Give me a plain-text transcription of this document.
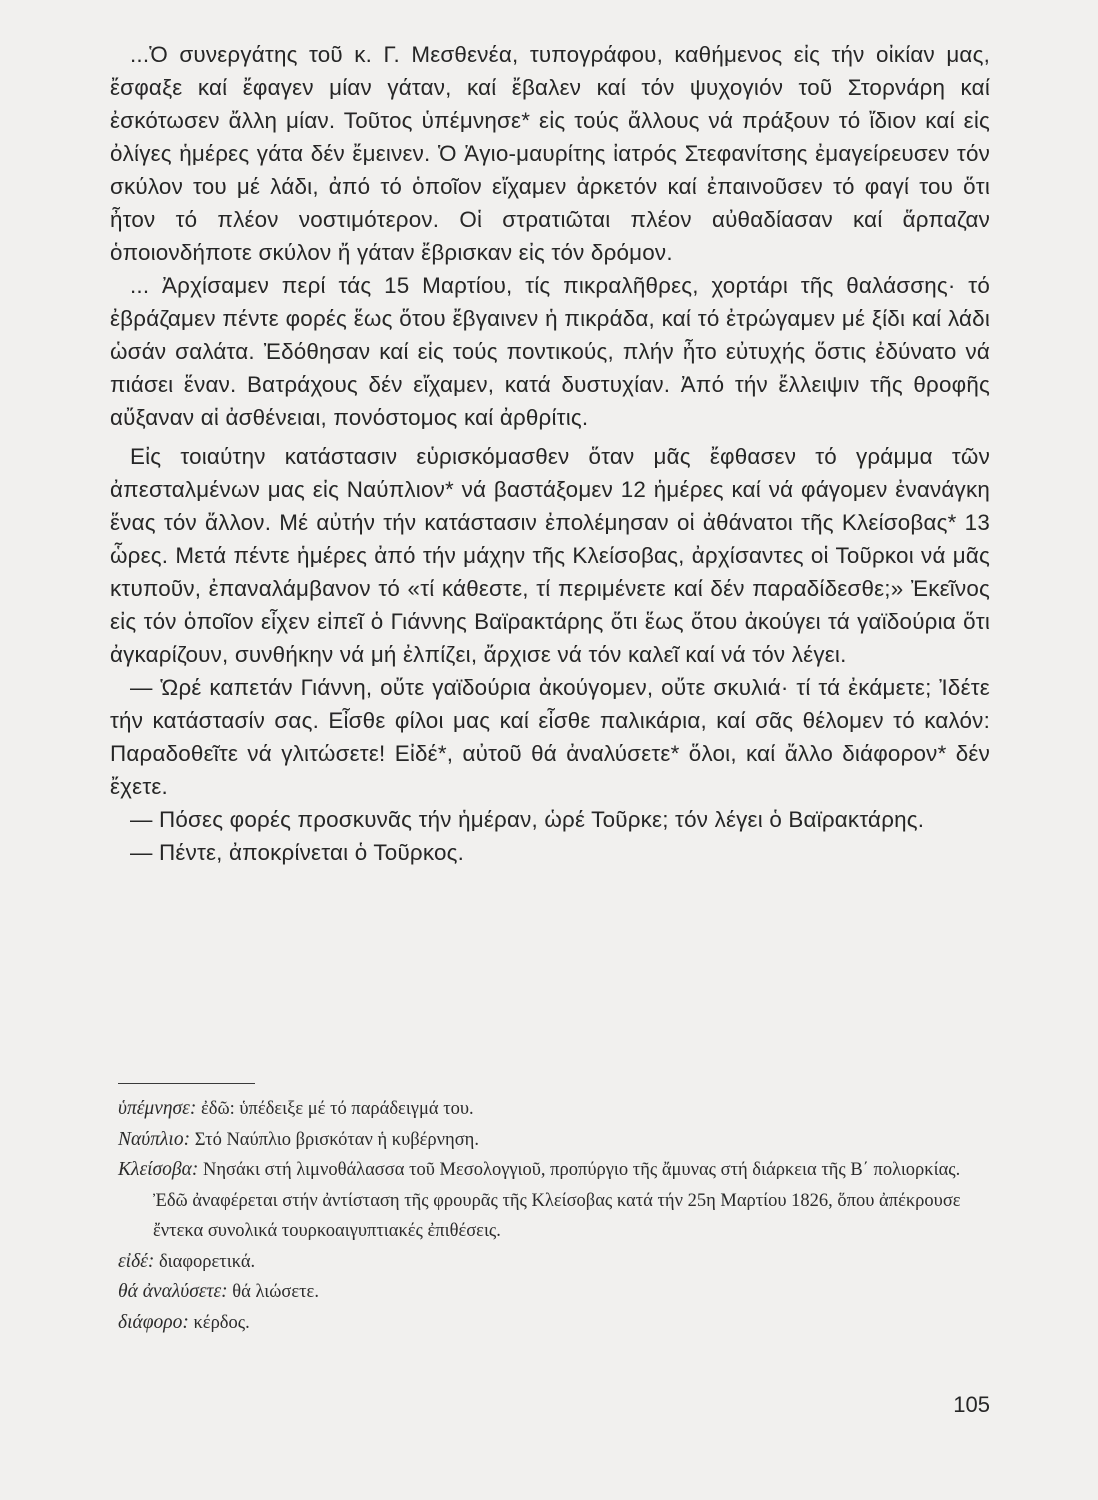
...Ὁ συνεργάτης τοῦ κ. Γ. Μεσθενέα, τυπογράφου, καθήμενος εἰς τήν οἰκίαν μας, ἔσφαξε καί ἔφαγεν μίαν γάταν, καί ἔβαλεν καί τόν ψυχογιόν τοῦ Στορνάρη καί ἐσκότωσεν ἄλλη μίαν. Τοῦτος ὑπέμνησε* εἰς τούς ἄλλους νά πράξουν τό ἴδιον καί εἰς ὀλίγες ἡμέρες γάτα δέν ἔμεινεν. Ὁ Ἁγιο-μαυρίτης ἰατρός Στεφανίτσης ἐμαγείρευσεν τόν σκύλον του μέ λάδι, ἀπό τό ὁποῖον εἴχαμεν ἀρκετόν καί ἐπαινοῦσεν τό φαγί του ὅτι ἦτον τό πλέον νοστιμότερον. Οἱ στρατιῶται πλέον αὐθαδίασαν καί ἅρπαζαν ὁποιονδήποτε σκύλον ἤ γάταν ἔβρισκαν εἰς τόν δρόμον.

... Ἀρχίσαμεν περί τάς 15 Μαρτίου, τίς πικραλῆθρες, χορτάρι τῆς θαλάσσης· τό ἐβράζαμεν πέντε φορές ἕως ὅτου ἔβγαινεν ἡ πικράδα, καί τό ἐτρώγαμεν μέ ξίδι καί λάδι ὡσάν σαλάτα. Ἐδόθησαν καί εἰς τούς ποντικούς, πλήν ἦτο εὐτυχής ὅστις ἐδύνατο νά πιάσει ἕναν. Βατράχους δέν εἴχαμεν, κατά δυστυχίαν. Ἀπό τήν ἔλλειψιν τῆς θροφῆς αὔξαναν αἱ ἀσθένειαι, πονόστομος καί ἀρθρίτις.

Εἰς τοιαύτην κατάστασιν εὑρισκόμασθεν ὅταν μᾶς ἔφθασεν τό γράμμα τῶν ἀπεσταλμένων μας εἰς Ναύπλιον* νά βαστάξομεν 12 ἡμέρες καί νά φάγομεν ἐνανάγκη ἕνας τόν ἄλλον. Μέ αὐτήν τήν κατάστασιν ἐπολέμησαν οἱ ἀθάνατοι τῆς Κλείσοβας* 13 ὧρες. Μετά πέντε ἡμέρες ἀπό τήν μάχην τῆς Κλείσοβας, ἀρχίσαντες οἱ Τοῦρκοι νά μᾶς κτυποῦν, ἐπαναλάμβανον τό «τί κάθεστε, τί περιμένετε καί δέν παραδίδεσθε;» Ἐκεῖνος εἰς τόν ὁποῖον εἶχεν εἰπεῖ ὁ Γιάννης Βαϊρακτάρης ὅτι ἕως ὅτου ἀκούγει τά γαϊδούρια ὅτι ἀγκαρίζουν, συνθήκην νά μή ἐλπίζει, ἄρχισε νά τόν καλεῖ καί νά τόν λέγει.

— Ὡρέ καπετάν Γιάννη, οὔτε γαϊδούρια ἀκούγομεν, οὔτε σκυλιά· τί τά ἐκάμετε; Ἰδέτε τήν κατάστασίν σας. Εἶσθε φίλοι μας καί εἶσθε παλικάρια, καί σᾶς θέλομεν τό καλόν: Παραδοθεῖτε νά γλιτώσετε! Εἰδέ*, αὐτοῦ θά ἀναλύσετε* ὅλοι, καί ἄλλο διάφορον* δέν ἔχετε.

— Πόσες φορές προσκυνᾶς τήν ἡμέραν, ὡρέ Τοῦρκε; τόν λέγει ὁ Βαϊρακτάρης.

— Πέντε, ἀποκρίνεται ὁ Τοῦρκος.

ὑπέμνησε: ἐδῶ: ὑπέδειξε μέ τό παράδειγμά του.

Ναύπλιο: Στό Ναύπλιο βρισκόταν ἡ κυβέρνηση.

Κλείσοβα: Νησάκι στή λιμνοθάλασσα τοῦ Μεσολογγιοῦ, προπύργιο τῆς ἄμυνας στή διάρκεια τῆς Β΄ πολιορκίας. Ἐδῶ ἀναφέρεται στήν ἀντίσταση τῆς φρουρᾶς τῆς Κλείσοβας κατά τήν 25η Μαρτίου 1826, ὅπου ἀπέκρουσε ἔντεκα συνολικά τουρκοαιγυπτιακές ἐπιθέσεις.

εἰδέ: διαφορετικά.

θά ἀναλύσετε: θά λιώσετε.

διάφορο: κέρδος.

105
